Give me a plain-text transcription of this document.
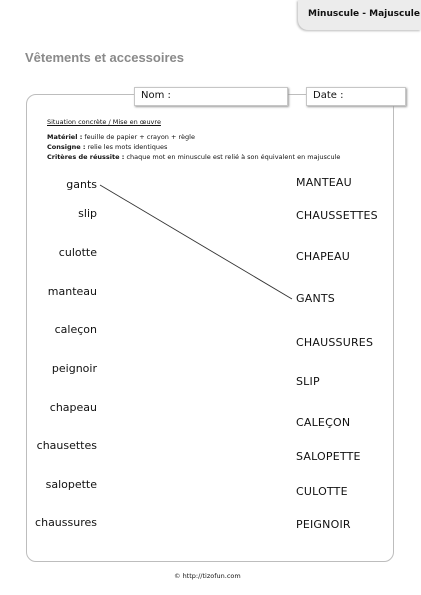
Minuscule - Majuscule
Vêtements et accessoires
Nom :	Date :
Situation concrète / Mise en œuvre
Matériel : feuille de papier + crayon + règle
Consigne : relie les mots identiques
Critères de réussite : chaque mot en minuscule est relié à son équivalent en majuscule
gants
slip
culotte
manteau
caleçon
peignoir
chapeau
chausettes
salopette
chaussures
MANTEAU
CHAUSSETTES
CHAPEAU
GANTS
CHAUSSURES
SLIP
CALEÇON
SALOPETTE
CULOTTE
PEIGNOIR
© http://tizofun.com
